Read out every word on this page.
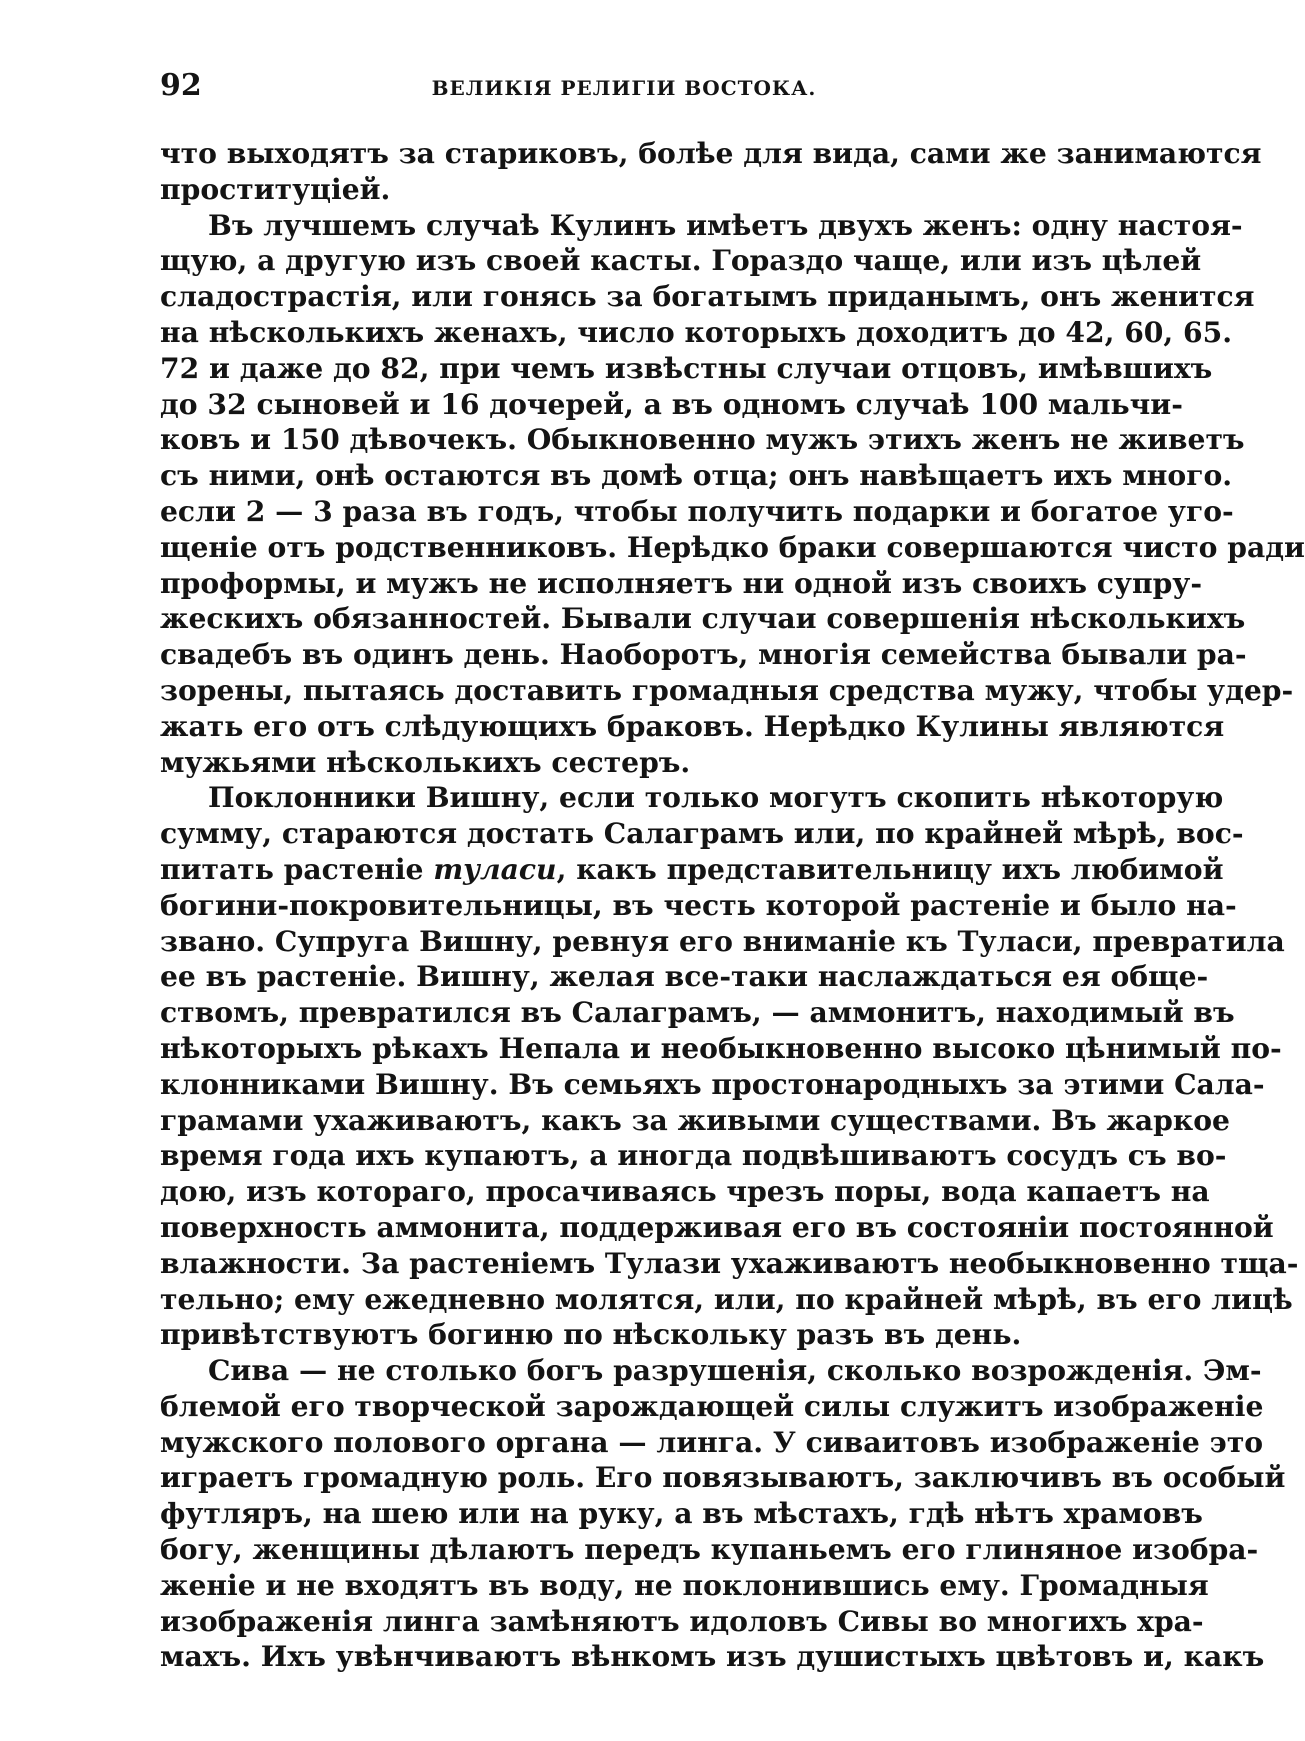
92	ВЕЛИКІЯ РЕЛИГІИ ВОСТОКА.
что выходятъ за стариковъ, болѣе для вида, сами же занимаются
проституціей.
Въ лучшемъ случаѣ Кулинъ имѣетъ двухъ женъ: одну настоя-
щую, а другую изъ своей касты. Гораздо чаще, или изъ цѣлей
сладострастія, или гонясь за богатымъ приданымъ, онъ женится
на нѣсколькихъ женахъ, число которыхъ доходитъ до 42, 60, 65.
72 и даже до 82, при чемъ извѣстны случаи отцовъ, имѣвшихъ
до 32 сыновей и 16 дочерей, а въ одномъ случаѣ 100 мальчи-
ковъ и 150 дѣвочекъ. Обыкновенно мужъ этихъ женъ не живетъ
съ ними, онѣ остаются въ домѣ отца; онъ навѣщаетъ ихъ много.
если 2 — 3 раза въ годъ, чтобы получить подарки и богатое уго-
щеніе отъ родственниковъ. Нерѣдко браки совершаются чисто ради
проформы, и мужъ не исполняетъ ни одной изъ своихъ супру-
жескихъ обязанностей. Бывали случаи совершенія нѣсколькихъ
свадебъ въ одинъ день. Наоборотъ, многія семейства бывали ра-
зорены, пытаясь доставить громадныя средства мужу, чтобы удер-
жать его отъ слѣдующихъ браковъ. Нерѣдко Кулины являются
мужьями нѣсколькихъ сестеръ.
Поклонники Вишну, если только могутъ скопить нѣкоторую
сумму, стараются достать Салаграмъ или, по крайней мѣрѣ, вос-
питать растеніе тулаcи, какъ представительницу ихъ любимой
богини-покровительницы, въ честь которой растеніе и было на-
звано. Супруга Вишну, ревнуя его вниманіе къ Туласи, превратила
ее въ растеніе. Вишну, желая все-таки наслаждаться ея обще-
ствомъ, превратился въ Салаграмъ, — аммонитъ, находимый въ
нѣкоторыхъ рѣкахъ Непала и необыкновенно высоко цѣнимый по-
клонниками Вишну. Въ семьяхъ простонародныхъ за этими Сала-
грамами ухаживаютъ, какъ за живыми существами. Въ жаркое
время года ихъ купаютъ, а иногда подвѣшиваютъ сосудъ съ во-
дою, изъ котораго, просачиваясь чрезъ поры, вода капаетъ на
поверхность аммонита, поддерживая его въ состояніи постоянной
влажности. За растеніемъ Тулази ухаживаютъ необыкновенно тща-
тельно; ему ежедневно молятся, или, по крайней мѣрѣ, въ его лицѣ
привѣтствуютъ богиню по нѣскольку разъ въ день.
Сива — не столько богъ разрушенія, сколько возрожденія. Эм-
блемой его творческой зарождающей силы служитъ изображеніе
мужского полового органа — линга. У сиваитовъ изображеніе это
играетъ громадную роль. Его повязываютъ, заключивъ въ особый
футляръ, на шею или на руку, а въ мѣстахъ, гдѣ нѣтъ храмовъ
богу, женщины дѣлаютъ передъ купаньемъ его глиняное изобра-
женіе и не входятъ въ воду, не поклонившись ему. Громадныя
изображенія линга замѣняютъ идоловъ Сивы во многихъ хра-
махъ. Ихъ увѣнчиваютъ вѣнкомъ изъ душистыхъ цвѣтовъ и, какъ
